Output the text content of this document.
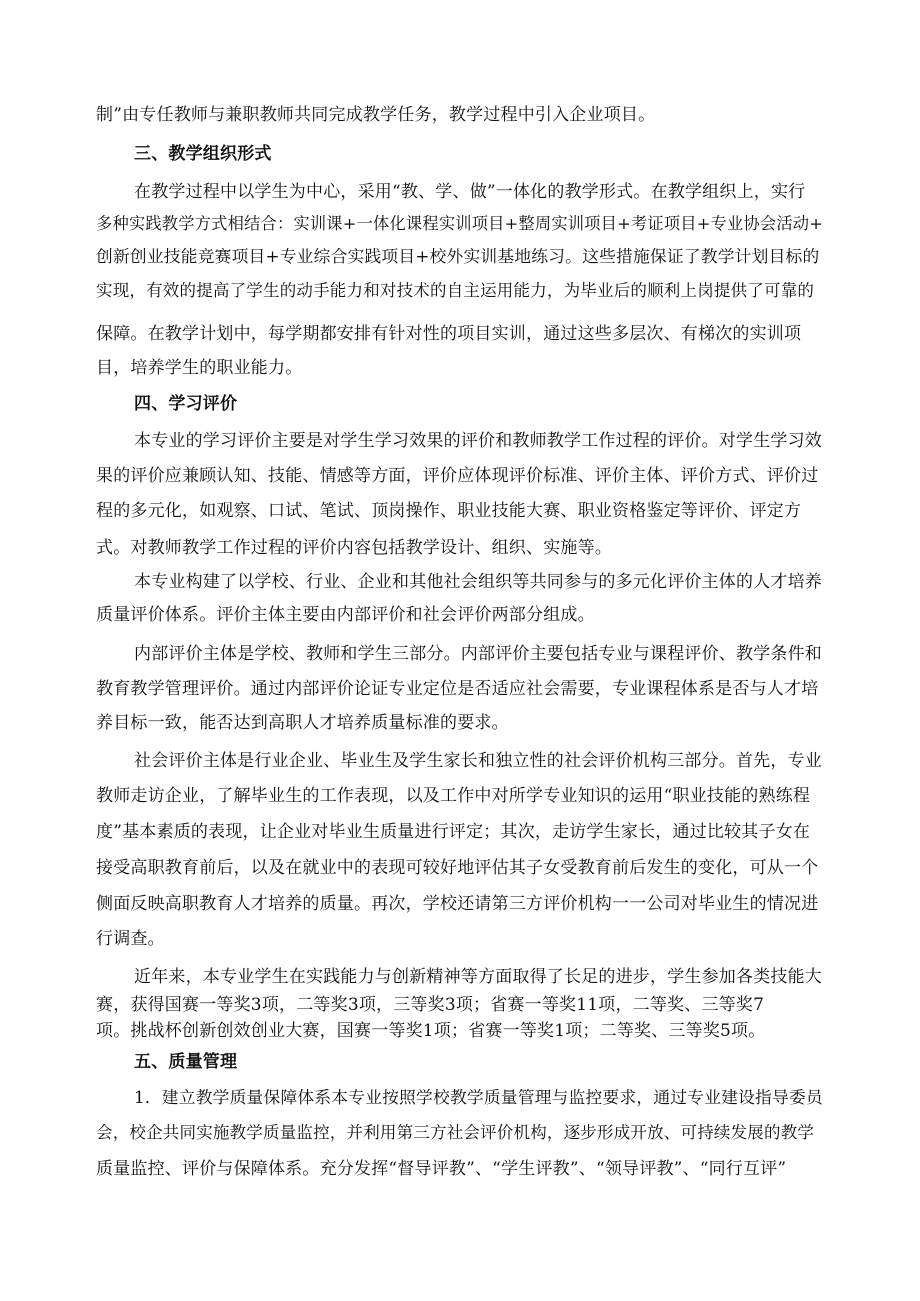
制”由专任教师与兼职教师共同完成教学任务，教学过程中引入企业项目。

三、教学组织形式

在教学过程中以学生为中心，采用“教、学、做”一体化的教学形式。在教学组织上，实行

多种实践教学方式相结合：实训课+一体化课程实训项目+整周实训项目+考证项目+专业协会活动+

创新创业技能竞赛项目+专业综合实践项目+校外实训基地练习。这些措施保证了教学计划目标的

实现，有效的提高了学生的动手能力和对技术的自主运用能力，为毕业后的顺利上岗提供了可靠的

保障。在教学计划中，每学期都安排有针对性的项目实训，通过这些多层次、有梯次的实训项

目，培养学生的职业能力。

四、学习评价

本专业的学习评价主要是对学生学习效果的评价和教师教学工作过程的评价。对学生学习效

果的评价应兼顾认知、技能、情感等方面，评价应体现评价标准、评价主体、评价方式、评价过

程的多元化，如观察、口试、笔试、顶岗操作、职业技能大赛、职业资格鉴定等评价、评定方

式。对教师教学工作过程的评价内容包括教学设计、组织、实施等。

本专业构建了以学校、行业、企业和其他社会组织等共同参与的多元化评价主体的人才培养

质量评价体系。评价主体主要由内部评价和社会评价两部分组成。

内部评价主体是学校、教师和学生三部分。内部评价主要包括专业与课程评价、教学条件和

教育教学管理评价。通过内部评价论证专业定位是否适应社会需要，专业课程体系是否与人才培

养目标一致，能否达到高职人才培养质量标准的要求。

社会评价主体是行业企业、毕业生及学生家长和独立性的社会评价机构三部分。首先，专业

教师走访企业，了解毕业生的工作表现，以及工作中对所学专业知识的运用“职业技能的熟练程

度”基本素质的表现，让企业对毕业生质量进行评定；其次，走访学生家长，通过比较其子女在

接受高职教育前后，以及在就业中的表现可较好地评估其子女受教育前后发生的变化，可从一个

侧面反映高职教育人才培养的质量。再次，学校还请第三方评价机构一一公司对毕业生的情况进

行调查。

近年来，本专业学生在实践能力与创新精神等方面取得了长足的进步，学生参加各类技能大

赛，获得国赛一等奖3项，二等奖3项，三等奖3项；省赛一等奖11项，二等奖、三等奖7

项。挑战杯创新创效创业大赛，国赛一等奖1项；省赛一等奖1项；二等奖、三等奖5项。

五、质量管理

1．建立教学质量保障体系本专业按照学校教学质量管理与监控要求，通过专业建设指导委员

会，校企共同实施教学质量监控，并利用第三方社会评价机构，逐步形成开放、可持续发展的教学

质量监控、评价与保障体系。充分发挥“督导评教”、“学生评教”、“领导评教”、“同行互评”
